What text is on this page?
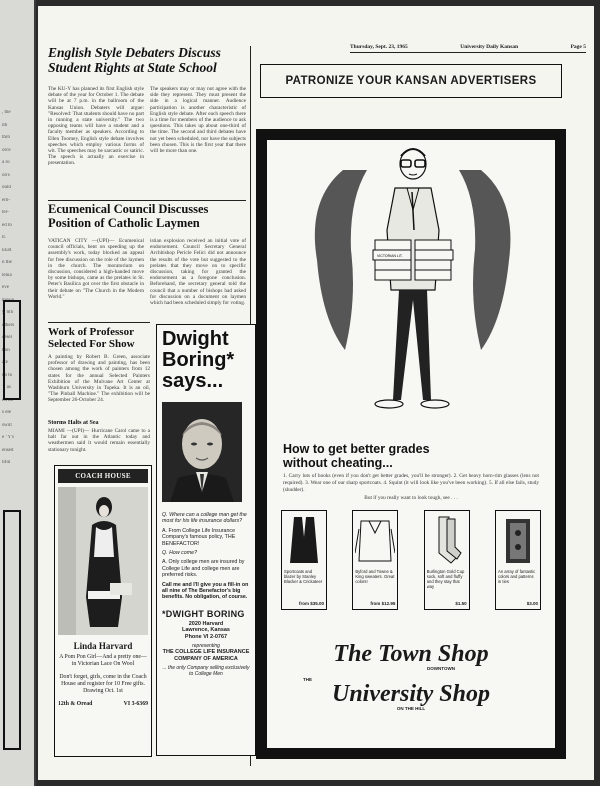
, the
ith
thro
orce
a ro
on's
ould
ern-
ter-
ed to
it.
EER
n the
lenia
eve
mosio
y, 6th
others
cesel
tion
ate
do to
Y as
ed on
s ele
swill
e "Y's
ensed
tiful
Thursday, Sept. 23, 1965	University Daily Kansan	Page 5
English Style Debaters Discuss Student Rights at State School
The KU-Y has planned its first English style debate of the year for October 1. The debate will be at 7 p.m. in the ballroom of the Kansas Union. Debaters will argue: "Resolved: That students should have no part in running a state university." The two opposing teams will have a student and a faculty member as speakers. According to Ellen Toomey, English style debate involves speeches which employ various forms of wit. The speeches may be sarcastic or satiric. The speech is actually an exercise in presentation.
The speakers may or may not agree with the side they represent. They must present the side in a logical manner. Audience participation is another characteristic of English style debate. After each speech there is a time for members of the audience to ask questions. This takes up about one-third of the time. The second and third debates have not yet been scheduled, nor have the subjects been chosen. This is the first year that there will be more than one.
Ecumenical Council Discusses Position of Catholic Laymen
VATICAN CITY —(UPI)— Ecumenical council officials, bent on speeding up the assembly's work, today blocked an appeal for free discussion on the role of the laymen in the church. The moratorium on discussion, considered a high-handed move by some bishops, came as the prelates in St. Peter's Basilica got over the first obstacle in their debate on "The Church in the Modern World."
istian explosion received an initial vote of endorsement. Council Secretary General Archbishop Pericle Felici did not announce the results of the vote but suggested to the prelates that they move on to specific discussion, taking for granted the endorsement as a foregone conclusion. Beforehand, the secretary general told the council that a number of bishops had asked for discussion on a document on laymen which had been scheduled simply for voting.
Work of Professor Selected For Show
A painting by Robert B. Green, associate professor of drawing and painting, has been chosen among the work of painters from 12 states for the annual Selected Painters Exhibition of the Mulvane Art Center at Washburn University in Topeka. It is an oil, "The Pinball Machine." The exhibition will be September 26-October 24.
Storms Halts at Sea
MIAMI —(UPI)— Hurricane Carol came to a halt far out in the Atlantic today and weathermen said it would remain essentially stationary tonight.
COACH HOUSE
Linda Harvard
A Pom Pon Girl—And a pretty one—in Victorian Lace On Wool
Don't forget, girls, come in the Coach House and register for 10 Free gifts. Drawing Oct. 1st
12th & Oread	VI 3-6369
Dwight Boring* says...

Q. Where can a college man get the most for his life insurance dollars?

A. From College Life Insurance Company's famous policy, THE BENEFACTOR!

Q. How come?

A. Only college men are insured by College Life and college men are preferred risks.

Call me and I'll give you a fill-in on all nine of The Benefactor's big benefits. No obligation, of course.

*DWIGHT BORING
2020 Harvard
Lawrence, Kansas
Phone VI 2-0767
representing
THE COLLEGE LIFE INSURANCE COMPANY OF AMERICA
... the only Company selling exclusively to College Men
PATRONIZE YOUR KANSAN ADVERTISERS
VICTORIAN LIT.
How to get better grades
without cheating...
1. Carry lots of books (even if you don't get better grades, you'll be stronger). 2. Get heavy horn-rim glasses (lens not required). 3. Wear one of our sharp sportcoats. 4. Squint (it will look like you've been working). 5. If all else fails, study (shudder).
But if you really want to look tough, see . . .
Sportcoats and blazer by Stanley Blacker & Crickateer
from $35.00
Byford and Towne & King sweaters. Great colors!
from $12.95
Burlington Gold Cup sock, soft and fluffy and they stay that way
$1.50
An array of fantastic colors and patterns in ties
$3.00
The Town Shop
DOWNTOWN
THE
University Shop
ON THE HILL
